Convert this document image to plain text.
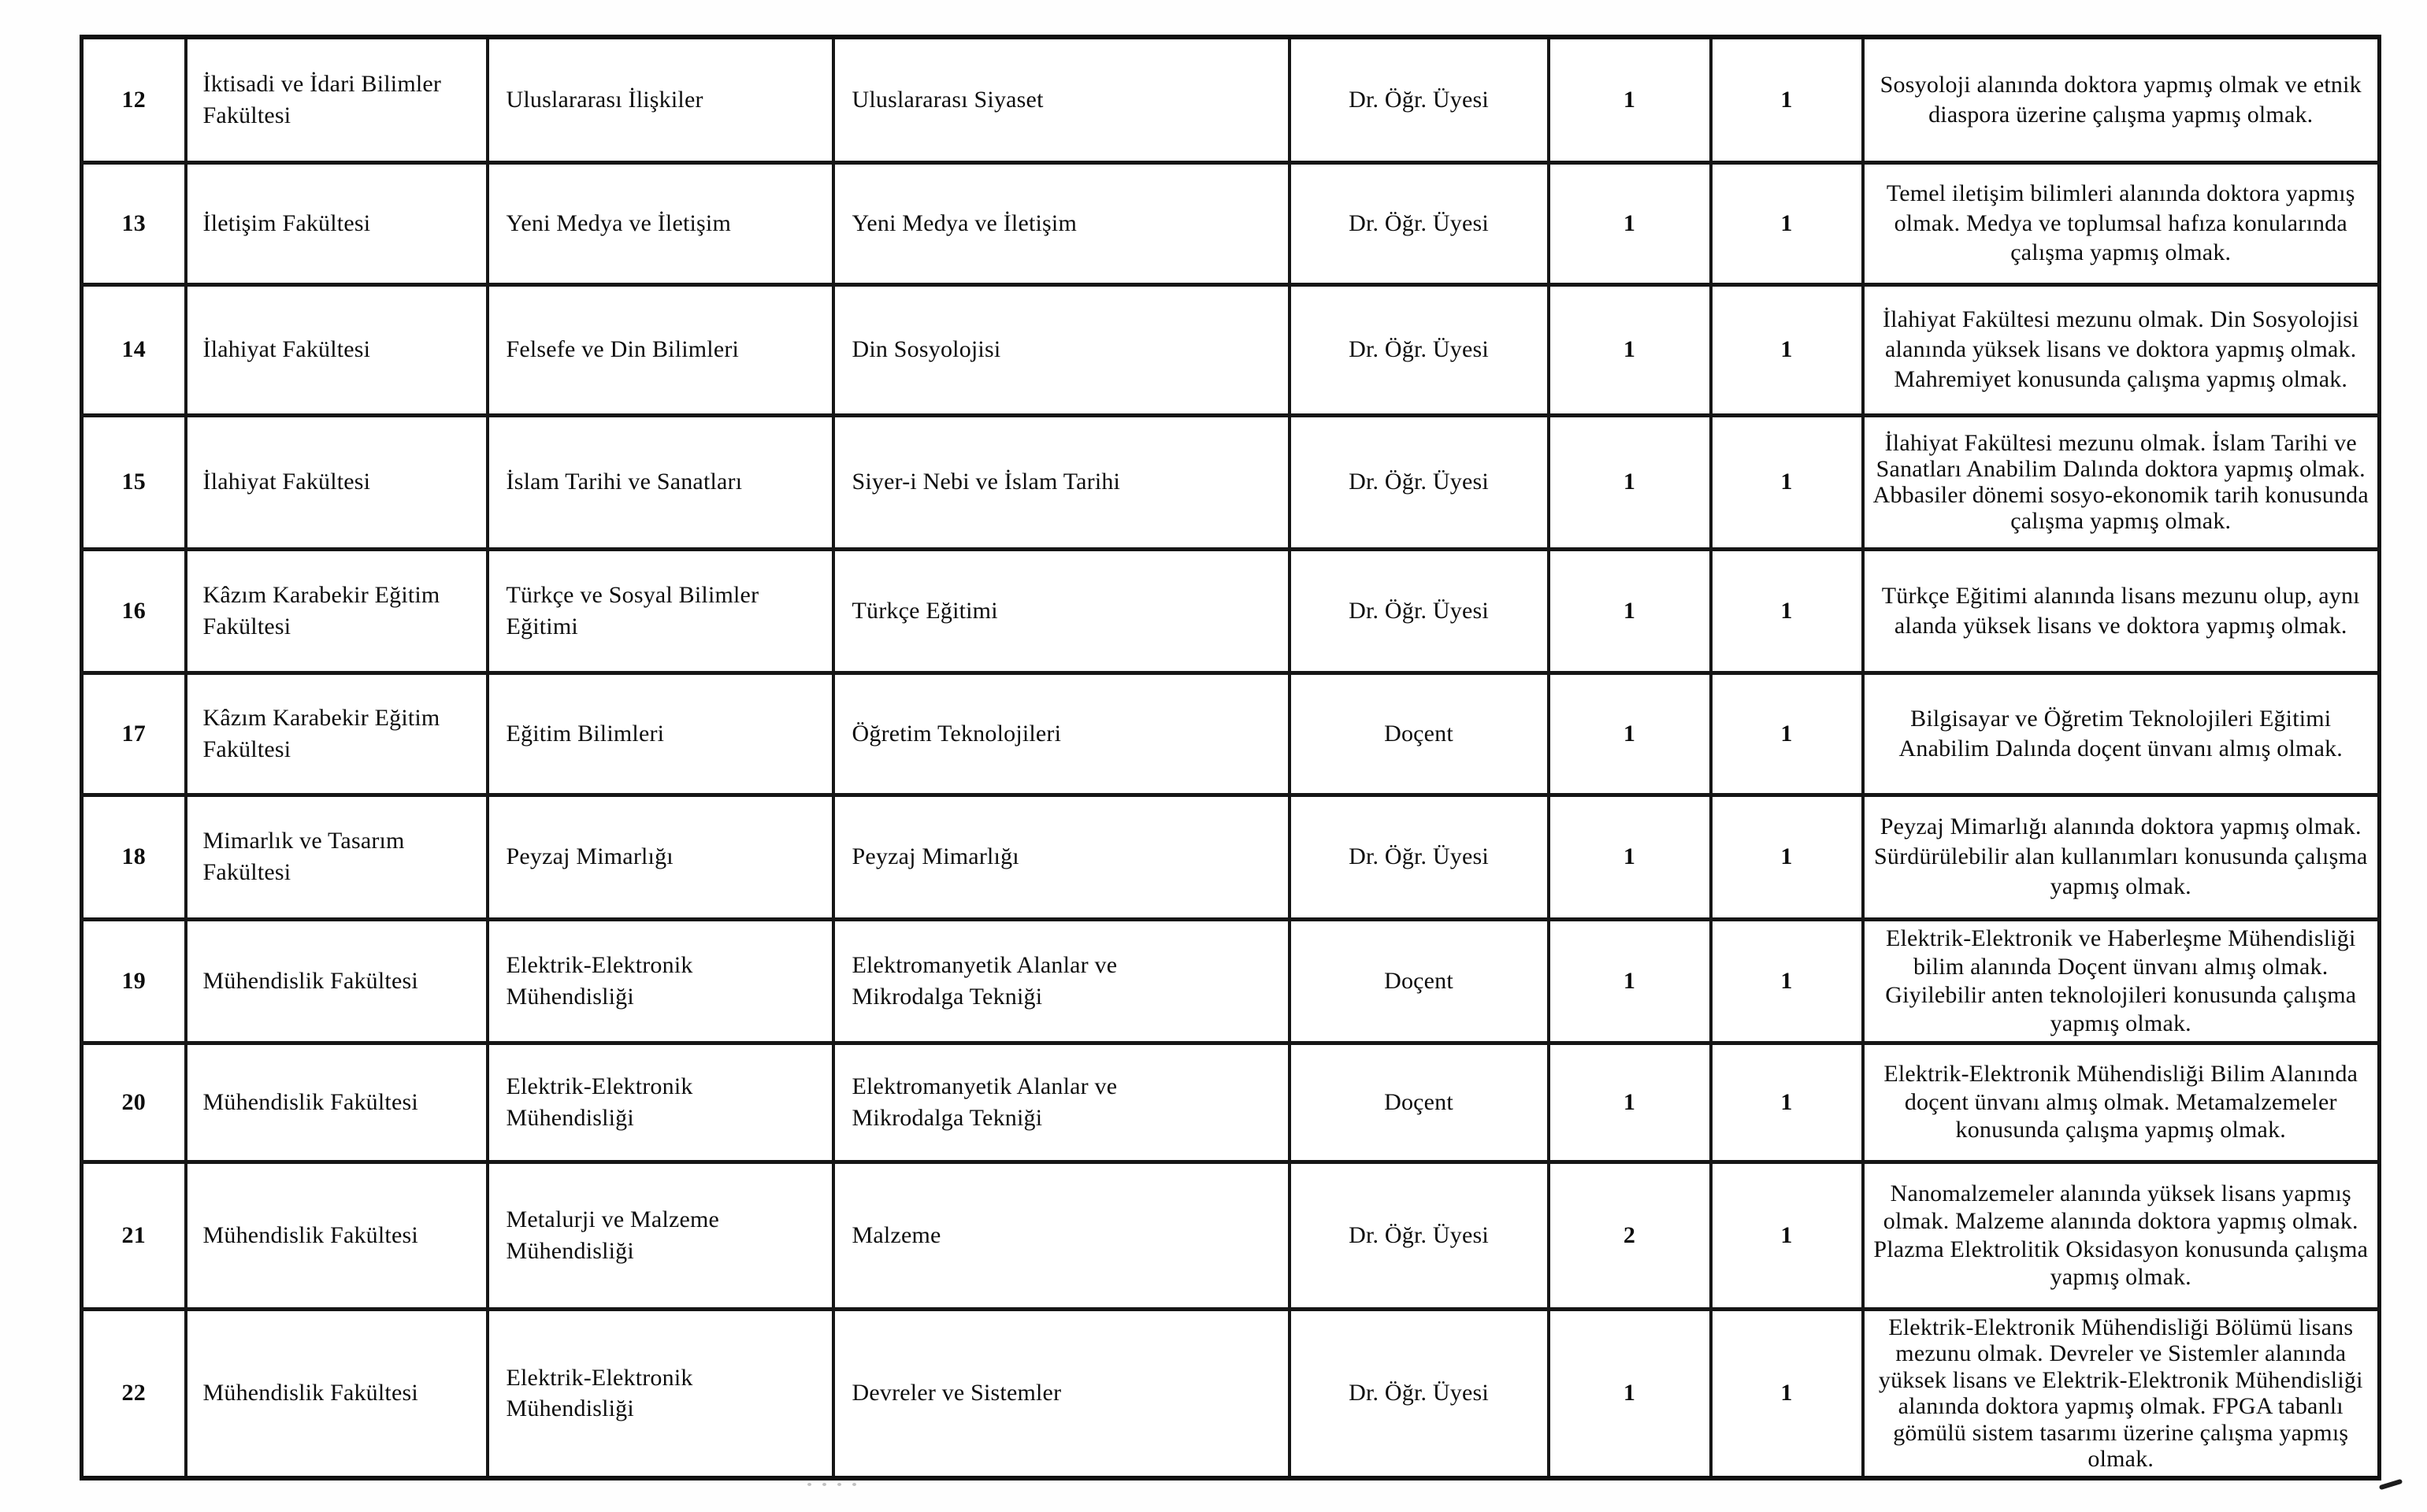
12	İktisadi ve İdari Bilimler Fakültesi	Uluslararası İlişkiler	Uluslararası Siyaset	Dr. Öğr. Üyesi	1	1	Sosyoloji alanında doktora yapmış olmak ve etnik diaspora üzerine çalışma yapmış olmak.
13	İletişim Fakültesi	Yeni Medya ve İletişim	Yeni Medya ve İletişim	Dr. Öğr. Üyesi	1	1	Temel iletişim bilimleri alanında doktora yapmış olmak. Medya ve toplumsal hafıza konularında çalışma yapmış olmak.
14	İlahiyat Fakültesi	Felsefe ve Din Bilimleri	Din Sosyolojisi	Dr. Öğr. Üyesi	1	1	İlahiyat Fakültesi mezunu olmak. Din Sosyolojisi alanında yüksek lisans ve doktora yapmış olmak. Mahremiyet konusunda çalışma yapmış olmak.
15	İlahiyat Fakültesi	İslam Tarihi ve Sanatları	Siyer-i Nebi ve İslam Tarihi	Dr. Öğr. Üyesi	1	1	İlahiyat Fakültesi mezunu olmak. İslam Tarihi ve Sanatları Anabilim Dalında doktora yapmış olmak. Abbasiler dönemi sosyo-ekonomik tarih konusunda çalışma yapmış olmak.
16	Kâzım Karabekir Eğitim Fakültesi	Türkçe ve Sosyal Bilimler Eğitimi	Türkçe Eğitimi	Dr. Öğr. Üyesi	1	1	Türkçe Eğitimi alanında lisans mezunu olup, aynı alanda yüksek lisans ve doktora yapmış olmak.
17	Kâzım Karabekir Eğitim Fakültesi	Eğitim Bilimleri	Öğretim Teknolojileri	Doçent	1	1	Bilgisayar ve Öğretim Teknolojileri Eğitimi Anabilim Dalında doçent ünvanı almış olmak.
18	Mimarlık ve Tasarım Fakültesi	Peyzaj Mimarlığı	Peyzaj Mimarlığı	Dr. Öğr. Üyesi	1	1	Peyzaj Mimarlığı alanında doktora yapmış olmak. Sürdürülebilir alan kullanımları konusunda çalışma yapmış olmak.
19	Mühendislik Fakültesi	Elektrik-Elektronik Mühendisliği	Elektromanyetik Alanlar ve Mikrodalga Tekniği	Doçent	1	1	Elektrik-Elektronik ve Haberleşme Mühendisliği bilim alanında Doçent ünvanı almış olmak. Giyilebilir anten teknolojileri konusunda çalışma yapmış olmak.
20	Mühendislik Fakültesi	Elektrik-Elektronik Mühendisliği	Elektromanyetik Alanlar ve Mikrodalga Tekniği	Doçent	1	1	Elektrik-Elektronik Mühendisliği Bilim Alanında doçent ünvanı almış olmak. Metamalzemeler konusunda çalışma yapmış olmak.
21	Mühendislik Fakültesi	Metalurji ve Malzeme Mühendisliği	Malzeme	Dr. Öğr. Üyesi	2	1	Nanomalzemeler alanında yüksek lisans yapmış olmak. Malzeme alanında doktora yapmış olmak. Plazma Elektrolitik Oksidasyon konusunda çalışma yapmış olmak.
22	Mühendislik Fakültesi	Elektrik-Elektronik Mühendisliği	Devreler ve Sistemler	Dr. Öğr. Üyesi	1	1	Elektrik-Elektronik Mühendisliği Bölümü lisans mezunu olmak. Devreler ve Sistemler alanında yüksek lisans ve Elektrik-Elektronik Mühendisliği alanında doktora yapmış olmak. FPGA tabanlı gömülü sistem tasarımı üzerine çalışma yapmış olmak.
